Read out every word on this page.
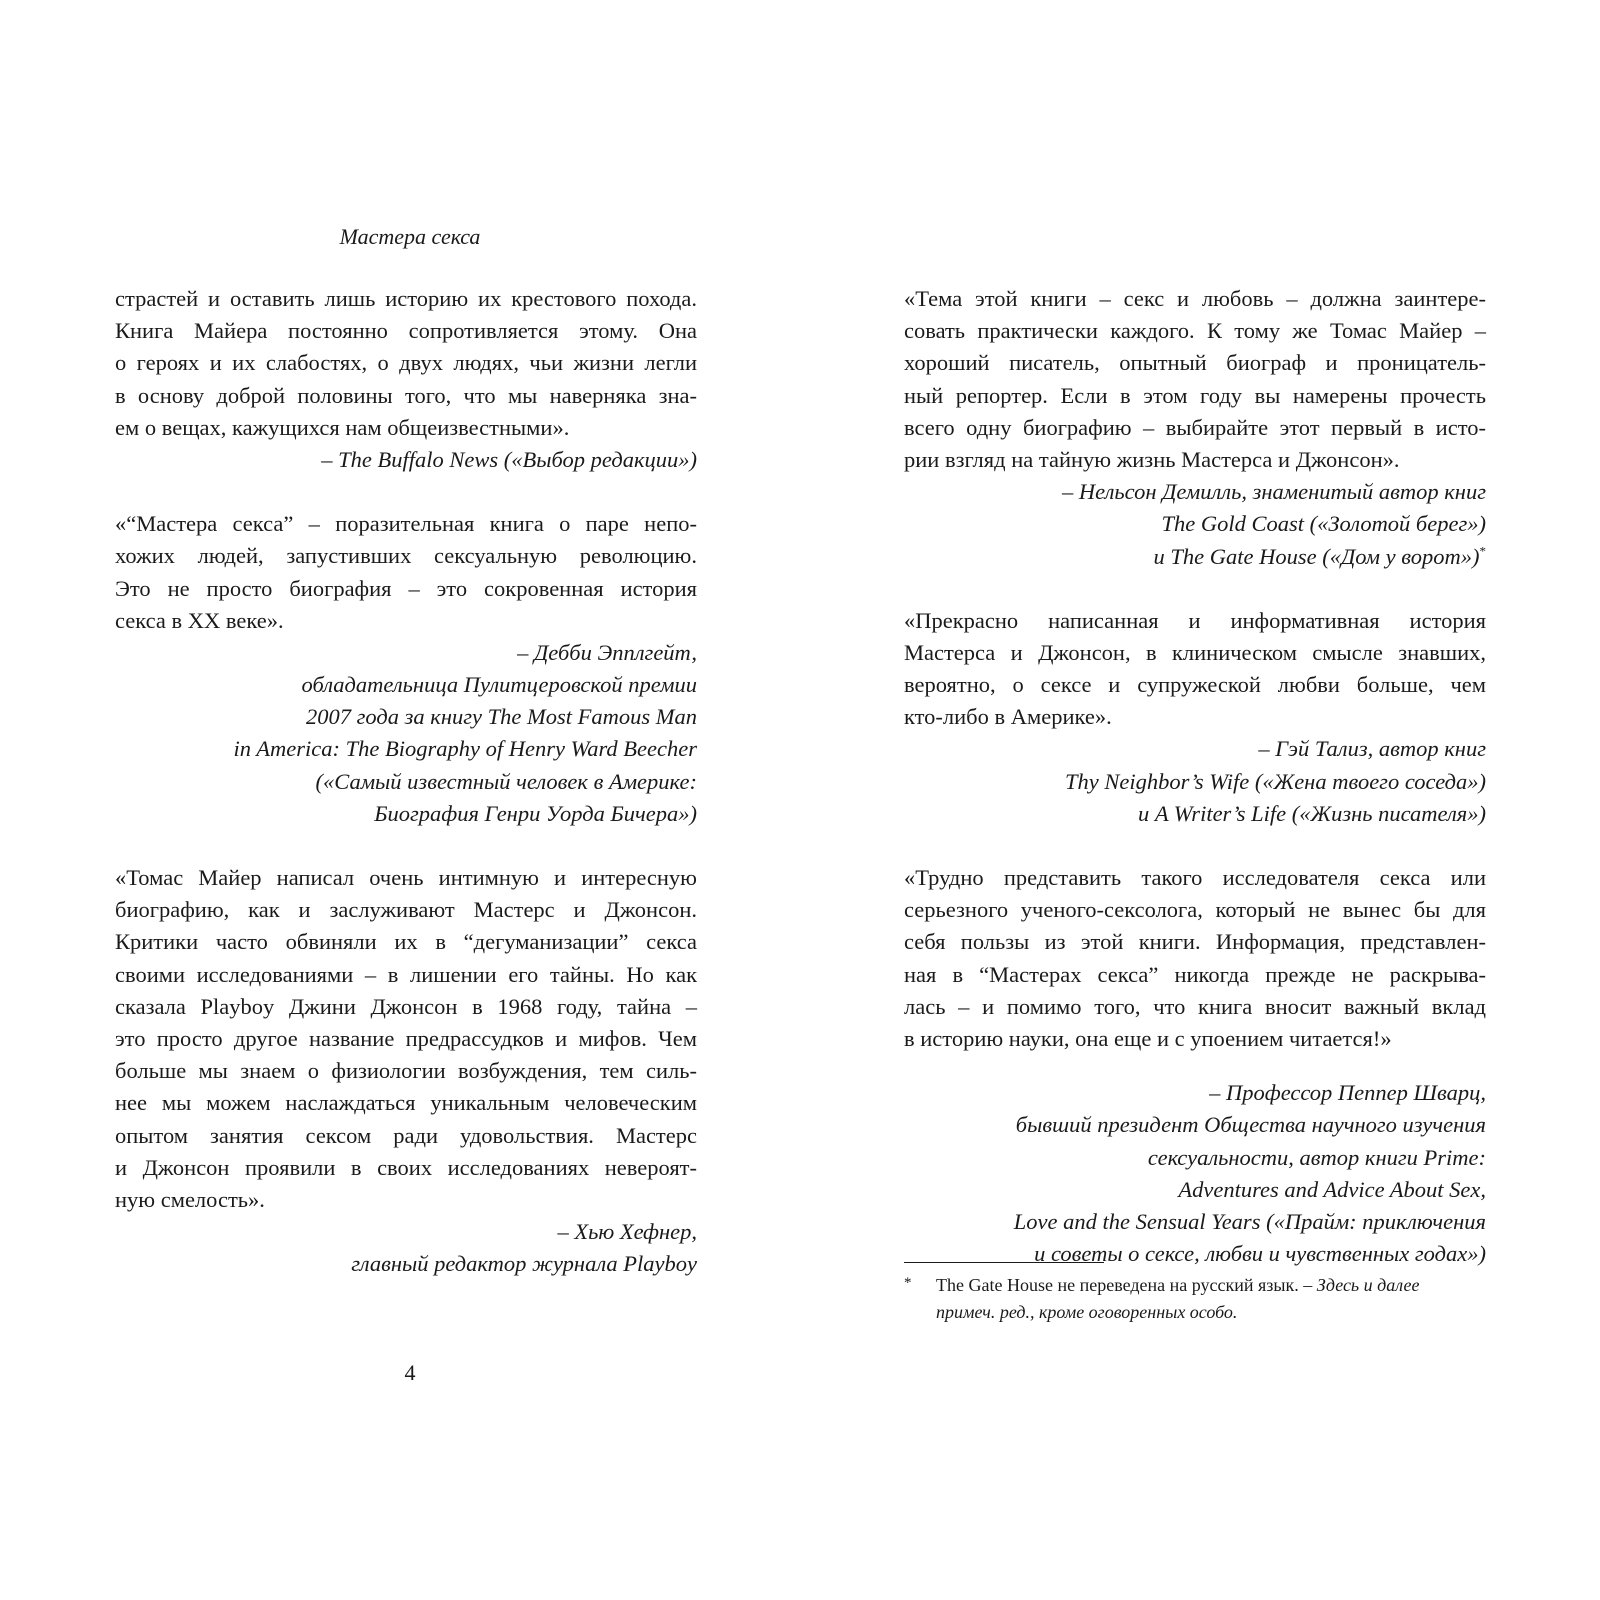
Мастера секса
страстей и оставить лишь историю их крестового похода.
Книга Майера постоянно сопротивляется этому. Она
о героях и их слабостях, о двух людях, чьи жизни легли
в основу доброй половины того, что мы наверняка зна-
ем о вещах, кажущихся нам общеизвестными».
– The Buffalo News («Выбор редакции»)
«“Мастера секса” – поразительная книга о паре непо-
хожих людей, запустивших сексуальную революцию.
Это не просто биография – это сокровенная история
секса в XX веке».
– Дебби Эпплгейт,
обладательница Пулитцеровской премии
2007 года за книгу The Most Famous Man
in America: The Biography of Henry Ward Beecher
(«Самый известный человек в Америке:
Биография Генри Уорда Бичера»)
«Томас Майер написал очень интимную и интересную
биографию, как и заслуживают Мастерс и Джонсон.
Критики часто обвиняли их в “дегуманизации” секса
своими исследованиями – в лишении его тайны. Но как
сказала Playboy Джини Джонсон в 1968 году, тайна –
это просто другое название предрассудков и мифов. Чем
больше мы знаем о физиологии возбуждения, тем силь-
нее мы можем наслаждаться уникальным человеческим
опытом занятия сексом ради удовольствия. Мастерс
и Джонсон проявили в своих исследованиях невероят-
ную смелость».
– Хью Хефнер,
главный редактор журнала Playboy
4
«Тема этой книги – секс и любовь – должна заинтере-
совать практически каждого. К тому же Томас Майер –
хороший писатель, опытный биограф и проницатель-
ный репортер. Если в этом году вы намерены прочесть
всего одну биографию – выбирайте этот первый в исто-
рии взгляд на тайную жизнь Мастерса и Джонсон».
– Нельсон Демилль, знаменитый автор книг
The Gold Coast («Золотой берег»)
и The Gate House («Дом у ворот»)*
«Прекрасно написанная и информативная история
Мастерса и Джонсон, в клиническом смысле знавших,
вероятно, о сексе и супружеской любви больше, чем
кто-либо в Америке».
– Гэй Тализ, автор книг
Thy Neighbor’s Wife («Жена твоего соседа»)
и A Writer’s Life («Жизнь писателя»)
«Трудно представить такого исследователя секса или
серьезного ученого-сексолога, который не вынес бы для
себя пользы из этой книги. Информация, представлен-
ная в “Мастерах секса” никогда прежде не раскрыва-
лась – и помимо того, что книга вносит важный вклад
в историю науки, она еще и с упоением читается!»
– Профессор Пеппер Шварц,
бывший президент Общества научного изучения
сексуальности, автор книги Prime:
Adventures and Advice About Sex,
Love and the Sensual Years («Прайм: приключения
и советы о сексе, любви и чувственных годах»)
* The Gate House не переведена на русский язык. – Здесь и далее
примеч. ред., кроме оговоренных особо.
